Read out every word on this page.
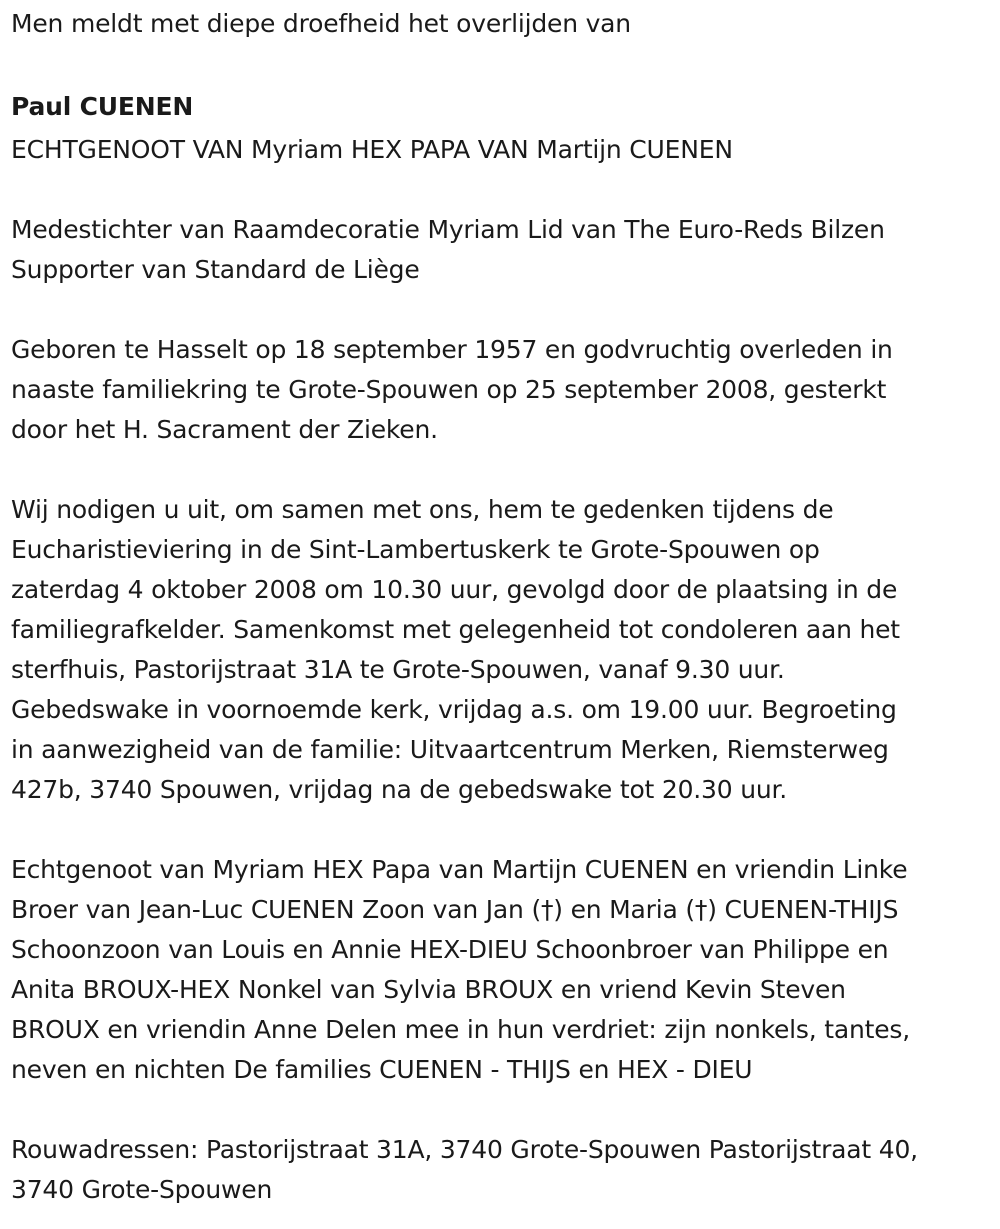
Men meldt met diepe droefheid het overlijden van
Paul CUENEN
ECHTGENOOT VAN Myriam HEX PAPA VAN Martijn CUENEN
Medestichter van Raamdecoratie Myriam Lid van The Euro-Reds Bilzen
Supporter van Standard de Liège
Geboren te Hasselt op 18 september 1957 en godvruchtig overleden in
naaste familiekring te Grote-Spouwen op 25 september 2008, gesterkt
door het H. Sacrament der Zieken.
Wij nodigen u uit, om samen met ons, hem te gedenken tijdens de
Eucharistieviering in de Sint-Lambertuskerk te Grote-Spouwen op
zaterdag 4 oktober 2008 om 10.30 uur, gevolgd door de plaatsing in de
familiegrafkelder. Samenkomst met gelegenheid tot condoleren aan het
sterfhuis, Pastorijstraat 31A te Grote-Spouwen, vanaf 9.30 uur.
Gebedswake in voornoemde kerk, vrijdag a.s. om 19.00 uur. Begroeting
in aanwezigheid van de familie: Uitvaartcentrum Merken, Riemsterweg
427b, 3740 Spouwen, vrijdag na de gebedswake tot 20.30 uur.
Echtgenoot van Myriam HEX Papa van Martijn CUENEN en vriendin Linke
Broer van Jean-Luc CUENEN Zoon van Jan (†) en Maria (†) CUENEN-THIJS
Schoonzoon van Louis en Annie HEX-DIEU Schoonbroer van Philippe en
Anita BROUX-HEX Nonkel van Sylvia BROUX en vriend Kevin Steven
BROUX en vriendin Anne Delen mee in hun verdriet: zijn nonkels, tantes,
neven en nichten De families CUENEN - THIJS en HEX - DIEU
Rouwadressen: Pastorijstraat 31A, 3740 Grote-Spouwen Pastorijstraat 40,
3740 Grote-Spouwen
